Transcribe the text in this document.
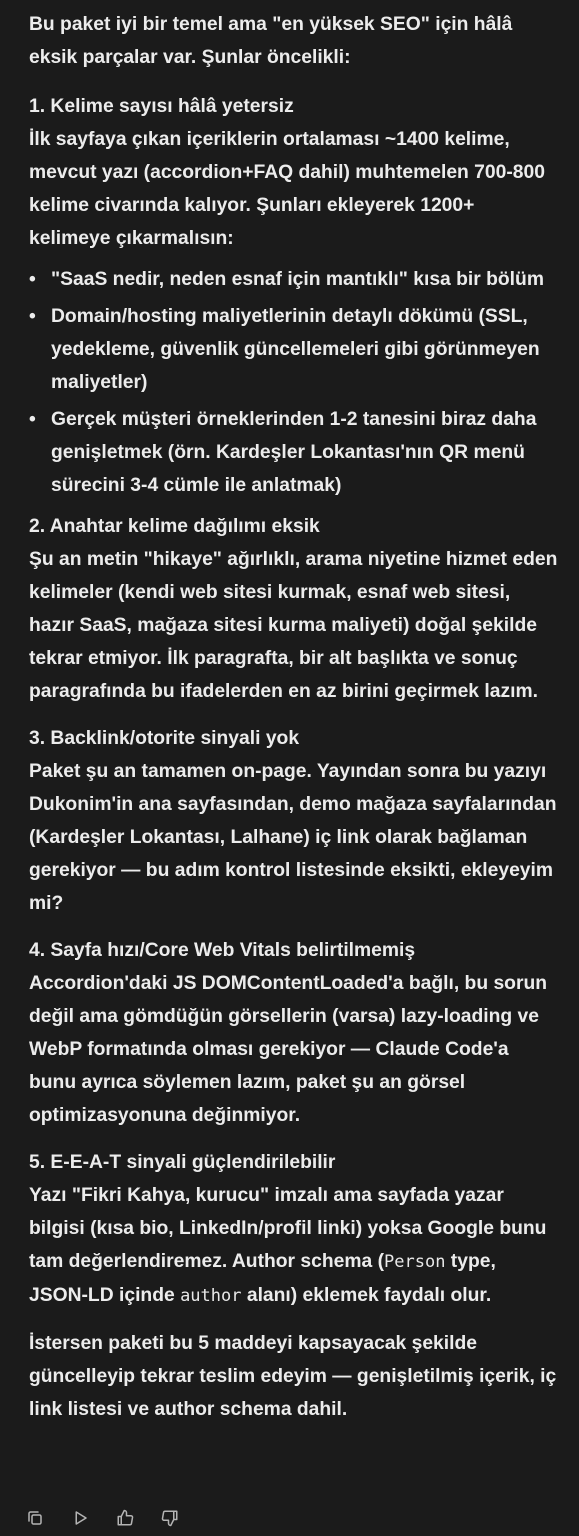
Bu paket iyi bir temel ama "en yüksek SEO" için hâlâ eksik parçalar var. Şunlar öncelikli:

1. Kelime sayısı hâlâ yetersiz

İlk sayfaya çıkan içeriklerin ortalaması ~1400 kelime, mevcut yazı (accordion+FAQ dahil) muhtemelen 700-800 kelime civarında kalıyor. Şunları ekleyerek 1200+ kelimeye çıkarmalısın:

• "SaaS nedir, neden esnaf için mantıklı" kısa bir bölüm
• Domain/hosting maliyetlerinin detaylı dökümü (SSL, yedekleme, güvenlik güncellemeleri gibi görünmeyen maliyetler)
• Gerçek müşteri örneklerinden 1-2 tanesini biraz daha genişletmek (örn. Kardeşler Lokantası'nın QR menü sürecini 3-4 cümle ile anlatmak)
2. Anahtar kelime dağılımı eksik

Şu an metin "hikaye" ağırlıklı, arama niyetine hizmet eden kelimeler (kendi web sitesi kurmak, esnaf web sitesi, hazır SaaS, mağaza sitesi kurma maliyeti) doğal şekilde tekrar etmiyor. İlk paragrafta, bir alt başlıkta ve sonuç paragrafında bu ifadelerden en az birini geçirmek lazım.

3. Backlink/otorite sinyali yok

Paket şu an tamamen on-page. Yayından sonra bu yazıyı Dukonim'in ana sayfasından, demo mağaza sayfalarından (Kardeşler Lokantası, Lalhane) iç link olarak bağlaman gerekiyor — bu adım kontrol listesinde eksikti, ekleyeyim mi?

4. Sayfa hızı/Core Web Vitals belirtilmemiş

Accordion'daki JS DOMContentLoaded'a bağlı, bu sorun değil ama gömdüğün görsellerin (varsa) lazy-loading ve WebP formatında olması gerekiyor — Claude Code'a bunu ayrıca söylemen lazım, paket şu an görsel optimizasyonuna değinmiyor.

5. E-E-A-T sinyali güçlendirilebilir

Yazı "Fikri Kahya, kurucu" imzalı ama sayfada yazar bilgisi (kısa bio, LinkedIn/profil linki) yoksa Google bunu tam değerlendiremez. Author schema (Person type, JSON-LD içinde author alanı) eklemek faydalı olur.

İstersen paketi bu 5 maddeyi kapsayacak şekilde güncelleyip tekrar teslim edeyim — genişletilmiş içerik, iç link listesi ve author schema dahil.
